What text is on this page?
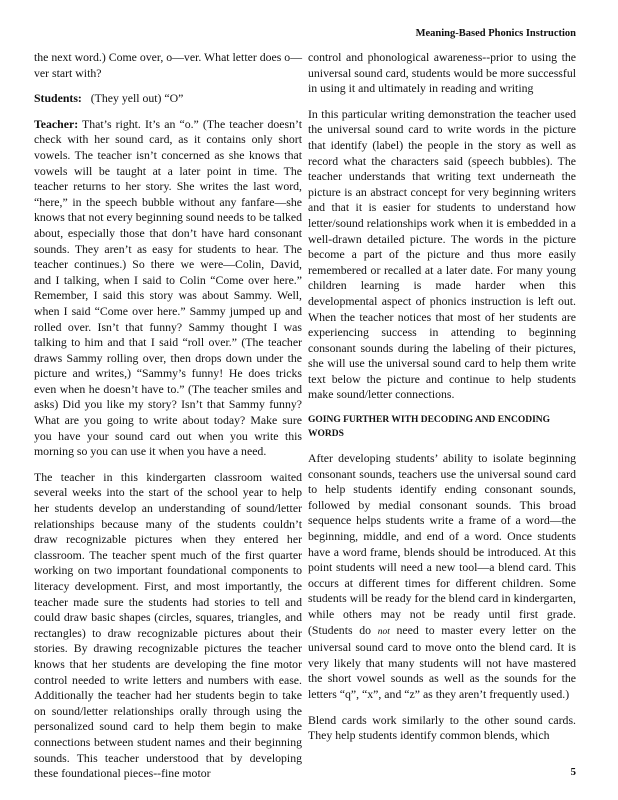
Meaning-Based Phonics Instruction

the next word.) Come over, o—ver. What letter does o—ver start with?

Students: (They yell out) “O”

Teacher: That’s right. It’s an “o.” (The teacher doesn’t check with her sound card, as it contains only short vowels. The teacher isn’t concerned as she knows that vowels will be taught at a later point in time. The teacher returns to her story. She writes the last word, “here,” in the speech bubble without any fanfare—she knows that not every beginning sound needs to be talked about, especially those that don’t have hard consonant sounds. They aren’t as easy for students to hear. The teacher continues.) So there we were—Colin, David, and I talking, when I said to Colin “Come over here.” Remember, I said this story was about Sammy. Well, when I said “Come over here.” Sammy jumped up and rolled over. Isn’t that funny? Sammy thought I was talking to him and that I said “roll over.” (The teacher draws Sammy rolling over, then drops down under the picture and writes,) “Sammy’s funny! He does tricks even when he doesn’t have to.” (The teacher smiles and asks) Did you like my story? Isn’t that Sammy funny? What are you going to write about today? Make sure you have your sound card out when you write this morning so you can use it when you have a need.

The teacher in this kindergarten classroom waited several weeks into the start of the school year to help her students develop an understanding of sound/letter relationships because many of the students couldn’t draw recognizable pictures when they entered her classroom. The teacher spent much of the first quarter working on two important foundational components to literacy development. First, and most importantly, the teacher made sure the students had stories to tell and could draw basic shapes (circles, squares, triangles, and rectangles) to draw recognizable pictures about their stories. By drawing recognizable pictures the teacher knows that her students are developing the fine motor control needed to write letters and numbers with ease. Additionally the teacher had her students begin to take on sound/letter relationships orally through using the personalized sound card to help them begin to make connections between student names and their beginning sounds. This teacher understood that by developing these foundational pieces--fine motor

control and phonological awareness--prior to using the universal sound card, students would be more successful in using it and ultimately in reading and writing

In this particular writing demonstration the teacher used the universal sound card to write words in the picture that identify (label) the people in the story as well as record what the characters said (speech bubbles). The teacher understands that writing text underneath the picture is an abstract concept for very beginning writers and that it is easier for students to understand how letter/sound relationships work when it is embedded in a well-drawn detailed picture. The words in the picture become a part of the picture and thus more easily remembered or recalled at a later date. For many young children learning is made harder when this developmental aspect of phonics instruction is left out. When the teacher notices that most of her students are experiencing success in attending to beginning consonant sounds during the labeling of their pictures, she will use the universal sound card to help them write text below the picture and continue to help students make sound/letter connections.

GOING FURTHER WITH DECODING AND ENCODING WORDS

After developing students’ ability to isolate beginning consonant sounds, teachers use the universal sound card to help students identify ending consonant sounds, followed by medial consonant sounds. This broad sequence helps students write a frame of a word—the beginning, middle, and end of a word. Once students have a word frame, blends should be introduced. At this point students will need a new tool—a blend card. This occurs at different times for different children. Some students will be ready for the blend card in kindergarten, while others may not be ready until first grade. (Students do not need to master every letter on the universal sound card to move onto the blend card. It is very likely that many students will not have mastered the short vowel sounds as well as the sounds for the letters “q”, “x”, and “z” as they aren’t frequently used.)

Blend cards work similarly to the other sound cards. They help students identify common blends, which

5
